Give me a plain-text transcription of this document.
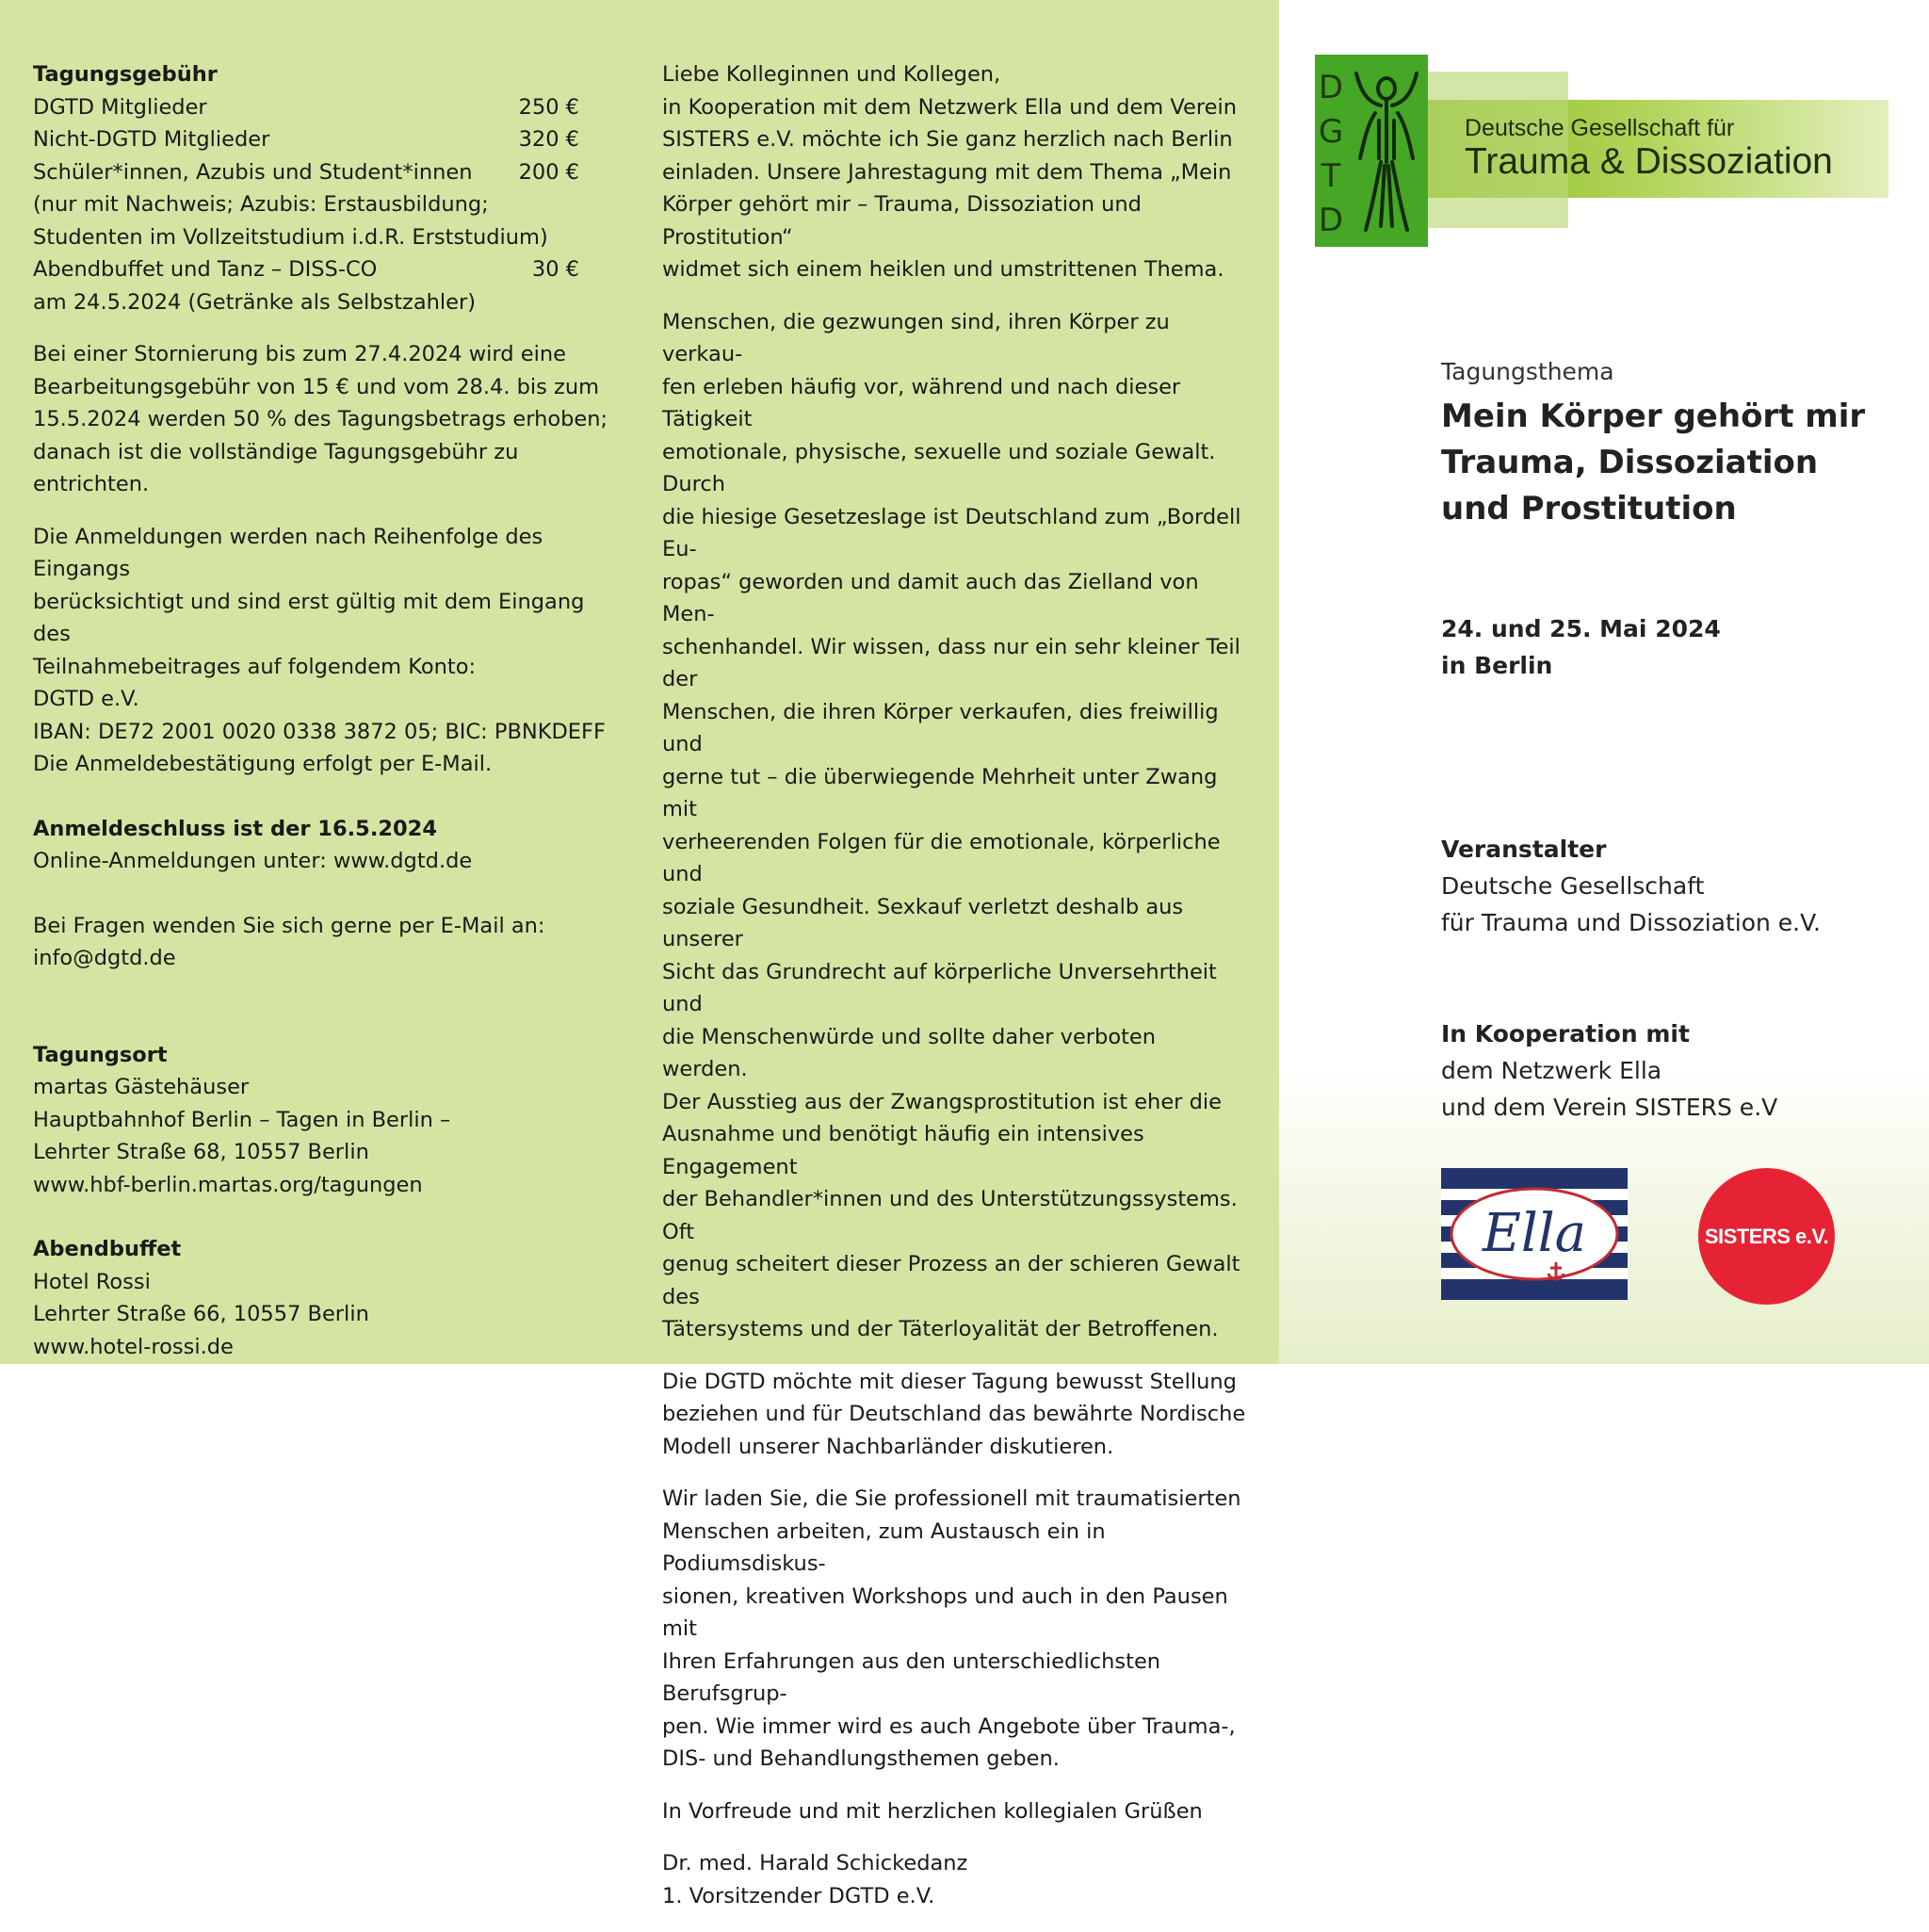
Tagungsgebühr
DGTD Mitglieder	250 €
Nicht-DGTD Mitglieder	320 €
Schüler*innen, Azubis und Student*innen	200 €
(nur mit Nachweis; Azubis: Erstausbildung;
Studenten im Vollzeitstudium i.d.R. Erststudium)
Abendbuffet und Tanz – DISS-CO	30 €

am 24.5.2024 (Getränke als Selbstzahler)

Bei einer Stornierung bis zum 27.4.2024 wird eine
Bearbeitungsgebühr von 15 € und vom 28.4. bis zum
15.5.2024 werden 50 % des Tagungsbetrags erhoben;
danach ist die vollständige Tagungsgebühr zu entrichten.

Die Anmeldungen werden nach Reihenfolge des Eingangs
berücksichtigt und sind erst gültig mit dem Eingang des
Teilnahmebeitrages auf folgendem Konto:
DGTD e.V.
IBAN: DE72 2001 0020 0338 3872 05; BIC: PBNKDEFF
Die Anmeldebestätigung erfolgt per E-Mail.
Anmeldeschluss ist der 16.5.2024
Online-Anmeldungen unter: www.dgtd.de
Bei Fragen wenden Sie sich gerne per E-Mail an:
info@dgtd.de
Tagungsort
martas Gästehäuser
Hauptbahnhof Berlin – Tagen in Berlin –
Lehrter Straße 68, 10557 Berlin
www.hbf-berlin.martas.org/tagungen
Abendbuffet
Hotel Rossi
Lehrter Straße 66, 10557 Berlin
www.hotel-rossi.de

Liebe Kolleginnen und Kollegen,
in Kooperation mit dem Netzwerk Ella und dem Verein
SISTERS e.V. möchte ich Sie ganz herzlich nach Berlin
einladen. Unsere Jahrestagung mit dem Thema „Mein
Körper gehört mir – Trauma, Dissoziation und Prostitution“
widmet sich einem heiklen und umstrittenen Thema.

Menschen, die gezwungen sind, ihren Körper zu verkau-
fen erleben häufig vor, während und nach dieser Tätigkeit
emotionale, physische, sexuelle und soziale Gewalt. Durch
die hiesige Gesetzeslage ist Deutschland zum „Bordell Eu-
ropas“ geworden und damit auch das Zielland von Men-
schenhandel. Wir wissen, dass nur ein sehr kleiner Teil der
Menschen, die ihren Körper verkaufen, dies freiwillig und
gerne tut – die überwiegende Mehrheit unter Zwang mit
verheerenden Folgen für die emotionale, körperliche und
soziale Gesundheit. Sexkauf verletzt deshalb aus unserer
Sicht das Grundrecht auf körperliche Unversehrtheit und
die Menschenwürde und sollte daher verboten werden.
Der Ausstieg aus der Zwangsprostitution ist eher die
Ausnahme und benötigt häufig ein intensives Engagement
der Behandler*innen und des Unterstützungssystems. Oft
genug scheitert dieser Prozess an der schieren Gewalt des
Tätersystems und der Täterloyalität der Betroffenen.

Die DGTD möchte mit dieser Tagung bewusst Stellung
beziehen und für Deutschland das bewährte Nordische
Modell unserer Nachbarländer diskutieren.

Wir laden Sie, die Sie professionell mit traumatisierten
Menschen arbeiten, zum Austausch ein in Podiumsdiskus-
sionen, kreativen Workshops und auch in den Pausen mit
Ihren Erfahrungen aus den unterschiedlichsten Berufsgrup-
pen. Wie immer wird es auch Angebote über Trauma-,
DIS- und Behandlungsthemen geben.

In Vorfreude und mit herzlichen kollegialen Grüßen

Dr. med. Harald Schickedanz
1. Vorsitzender DGTD e.V.

D
G
T
D
Deutsche Gesellschaft für
Trauma & Dissoziation
Tagungsthema
Mein Körper gehört mir
Trauma, Dissoziation
und Prostitution
24. und 25. Mai 2024
in Berlin
Veranstalter
Deutsche Gesellschaft
für Trauma und Dissoziation e.V.
In Kooperation mit
dem Netzwerk Ella
und dem Verein SISTERS e.V
Ella	SISTERS e.V.
